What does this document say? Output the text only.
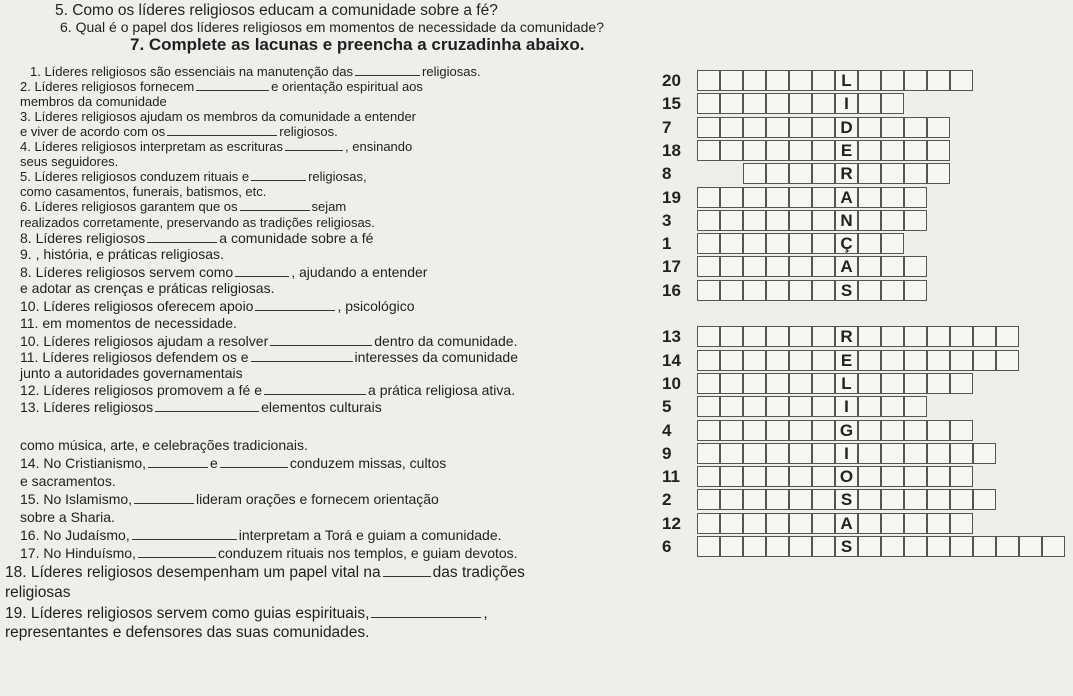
5. Como os líderes religiosos educam a comunidade sobre a fé?
6. Qual é o papel dos líderes religiosos em momentos de necessidade da comunidade?
7. Complete as lacunas e preencha a cruzadinha abaixo.
1. Líderes religiosos são essenciais na manutenção das	religiosas.
2. Líderes religiosos fornecem	e orientação espiritual aos
membros da comunidade
3. Líderes religiosos ajudam os membros da comunidade a entender
e viver de acordo com os	religiosos.
4. Líderes religiosos interpretam as escrituras	, ensinando
seus seguidores.
5. Líderes religiosos conduzem rituais e	religiosas,
como casamentos, funerais, batismos, etc.
6. Líderes religiosos garantem que os	sejam
realizados corretamente, preservando as tradições religiosas.
8. Líderes religiosos	a comunidade sobre a fé
9. , história, e práticas religiosas.
8. Líderes religiosos servem como	, ajudando a entender
e adotar as crenças e práticas religiosas.
10. Líderes religiosos oferecem apoio	, psicológico
11. em momentos de necessidade.
10. Líderes religiosos ajudam a resolver	dentro da comunidade.
11. Líderes religiosos defendem os e	interesses da comunidade
junto a autoridades governamentais
12. Líderes religiosos promovem a fé e	a prática religiosa ativa.
13. Líderes religiosos	elementos culturais
como música, arte, e celebrações tradicionais.
14. No Cristianismo,	e	conduzem missas, cultos
e sacramentos.
15. No Islamismo,	lideram orações e fornecem orientação
sobre a Sharia.
16. No Judaísmo,	interpretam a Torá e guiam a comunidade.
17. No Hinduísmo,	conduzem rituais nos templos, e guiam devotos.
18. Líderes religiosos desempenham um papel vital na	das tradições
religiosas
19. Líderes religiosos servem como guias espirituais,	,
representantes e defensores das suas comunidades.
20	L
15	I
7	D
18	E
8	R
19	A
3	N
1	Ç
17	A
16	S
13	R
14	E
10	L
5	I
4	G
9	I
11	O
2	S
12	A
6	S
